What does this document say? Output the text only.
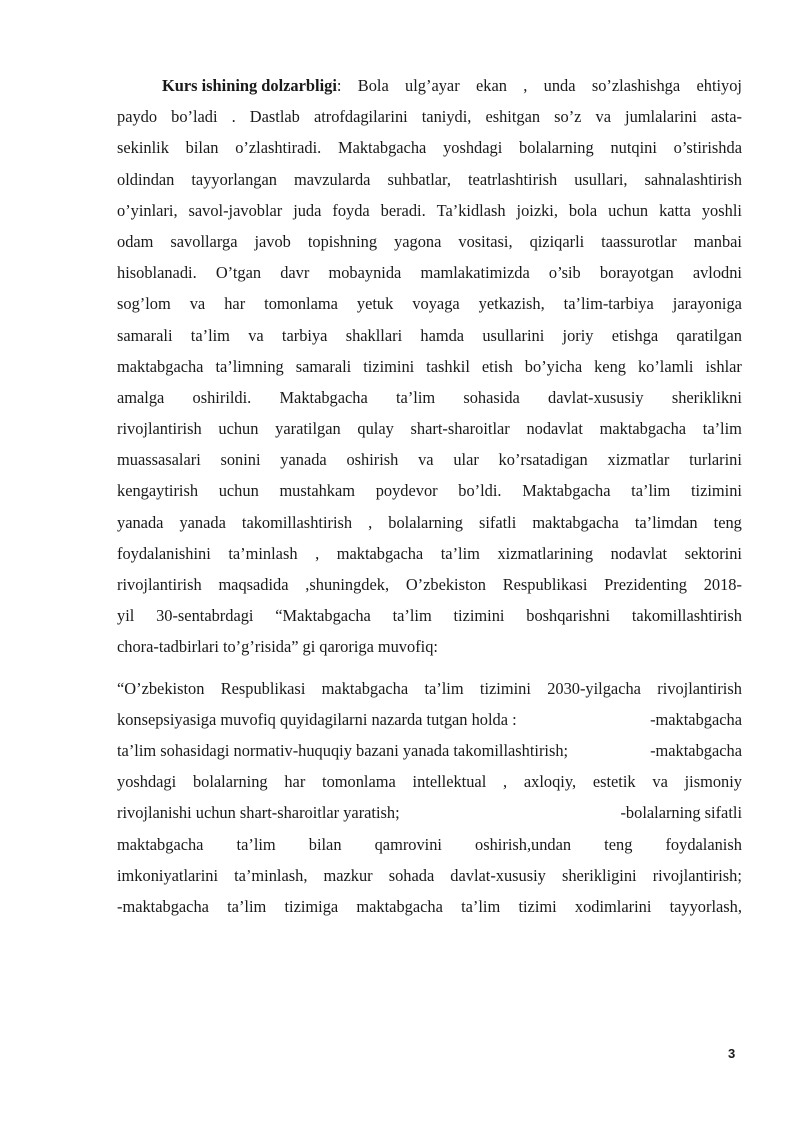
Kurs ishining dolzarbligi: Bola ulg’ayar ekan , unda so’zlashishga ehtiyoj
paydo bo’ladi . Dastlab atrofdagilarini taniydi, eshitgan so’z va jumlalarini asta-
sekinlik bilan o’zlashtiradi. Maktabgacha yoshdagi bolalarning nutqini o’stirishda
oldindan tayyorlangan mavzularda suhbatlar, teatrlashtirish usullari, sahnalashtirish
o’yinlari, savol-javoblar juda foyda beradi. Ta’kidlash joizki, bola uchun katta yoshli
odam savollarga javob topishning yagona vositasi, qiziqarli taassurotlar manbai
hisoblanadi. O’tgan davr mobaynida mamlakatimizda o’sib borayotgan avlodni
sog’lom va har tomonlama yetuk voyaga yetkazish, ta’lim-tarbiya jarayoniga
samarali ta’lim va tarbiya shakllari hamda usullarini joriy etishga qaratilgan
maktabgacha ta’limning samarali tizimini tashkil etish bo’yicha keng ko’lamli ishlar
amalga oshirildi. Maktabgacha ta’lim sohasida davlat-xususiy sheriklikni
rivojlantirish uchun yaratilgan qulay shart-sharoitlar nodavlat maktabgacha ta’lim
muassasalari sonini yanada oshirish va ular ko’rsatadigan xizmatlar turlarini
kengaytirish uchun mustahkam poydevor bo’ldi. Maktabgacha ta’lim tizimini
yanada yanada takomillashtirish , bolalarning sifatli maktabgacha ta’limdan teng
foydalanishini ta’minlash , maktabgacha ta’lim xizmatlarining nodavlat sektorini
rivojlantirish maqsadida ,shuningdek, O’zbekiston Respublikasi Prezidenting 2018-
yil 30-sentabrdagi “Maktabgacha ta’lim tizimini boshqarishni takomillashtirish
chora-tadbirlari to’g’risida” gi qaroriga muvofiq:
“O’zbekiston Respublikasi maktabgacha ta’lim tizimini 2030-yilgacha rivojlantirish
konsepsiyasiga muvofiq quyidagilarni nazarda tutgan holda :	-maktabgacha
ta’lim sohasidagi normativ-huquqiy bazani yanada takomillashtirish;	-maktabgacha
yoshdagi bolalarning har tomonlama intellektual , axloqiy, estetik va jismoniy
rivojlanishi uchun shart-sharoitlar yaratish;	-bolalarning sifatli
maktabgacha ta’lim bilan qamrovini oshirish,undan teng foydalanish
imkoniyatlarini ta’minlash, mazkur sohada davlat-xususiy sherikligini rivojlantirish;
-maktabgacha ta’lim tizimiga maktabgacha ta’lim tizimi xodimlarini tayyorlash,
3
